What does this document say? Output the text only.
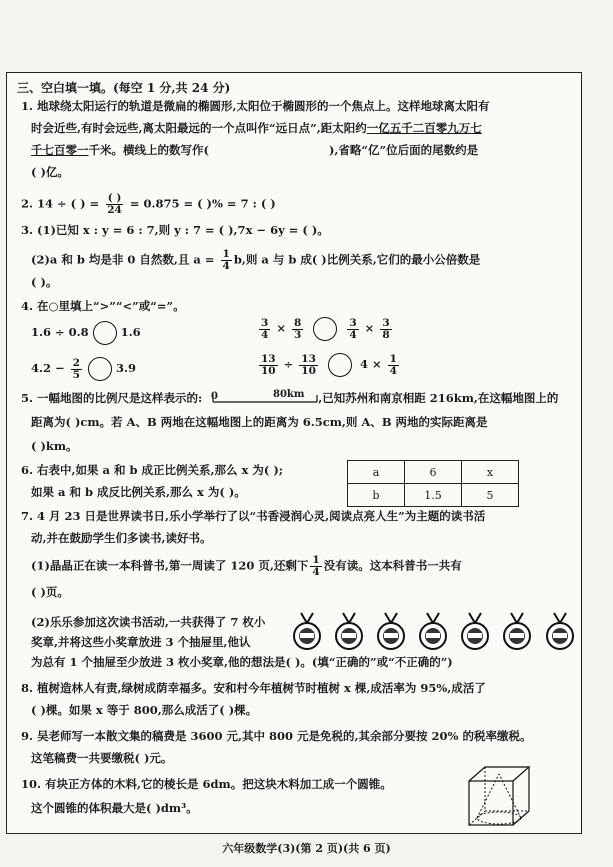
三、空白填一填。(每空 1 分,共 24 分)
1. 地球绕太阳运行的轨道是微扁的椭圆形,太阳位于椭圆形的一个焦点上。这样地球离太阳有
时会近些,有时会远些,离太阳最远的一个点叫作“远日点”,距太阳约一亿五千二百零九万七
千七百零一千米。横线上的数写作(	),省略“亿”位后面的尾数约是
( )亿。
2. 14 ÷ ( ) = $\frac{( )}{24} = 0.875$ = ( )% = 7 : ( )
3. (1)已知 x : y = 6 : 7,则 y : 7 = ( ),7x − 6y = ( )。
(2)a 和 b 均是非 0 自然数,且 $a = \frac{1}{4} b$,则 a 与 b 成( )比例关系,它们的最小公倍数是
( )。
4. 在○里填上“>”“<”或“=”。
1.6 ÷ 0.8	1.6	$\frac{3}{4} \times \frac{8}{3}$
	$\frac{3}{4} \times \frac{3}{8}$
$4.2 - \frac{2}{5}$	3.9	$\frac{13}{10} \div \frac{13}{10}$	$4 \times \frac{1}{4}$
5. 一幅地图的比例尺是这样表示的:	,已知苏州和南京相距 216km,在这幅地图上的
0	80km
距离为( )cm。若 A、B 两地在这幅地图上的距离为 6.5cm,则 A、B 两地的实际距离是
( )km。
6. 右表中,如果 a 和 b 成正比例关系,那么 x 为( );
如果 a 和 b 成反比例关系,那么 x 为( )。
a	6	x
b	1.5	5
7. 4 月 23 日是世界读书日,乐小学举行了以“书香浸润心灵,阅读点亮人生”为主题的读书活
动,并在鼓励学生们多读书,读好书。
(1)晶晶正在读一本科普书,第一周读了 120 页,还剩下 $\frac{1}{4}$ 没有读。这本科普书一共有
( )页。
(2)乐乐参加这次读书活动,一共获得了 7 枚小
奖章,并将这些小奖章放进 3 个抽屉里,他认
为总有 1 个抽屉至少放进 3 枚小奖章,他的想法是( )。(填“正确的”或“不正确的”)

8. 植树造林人有责,绿树成荫幸福多。安和村今年植树节时植树 x 棵,成活率为 95%,成活了
( )棵。如果 x 等于 800,那么成活了( )棵。
9. 吴老师写一本散文集的稿费是 3600 元,其中 800 元是免税的,其余部分要按 20% 的税率缴税。
这笔稿费一共要缴税( )元。
10. 有块正方体的木料,它的棱长是 6dm。把这块木料加工成一个圆锥。
这个圆锥的体积最大是( )dm³。
六年级数学(3)(第 2 页)(共 6 页)
